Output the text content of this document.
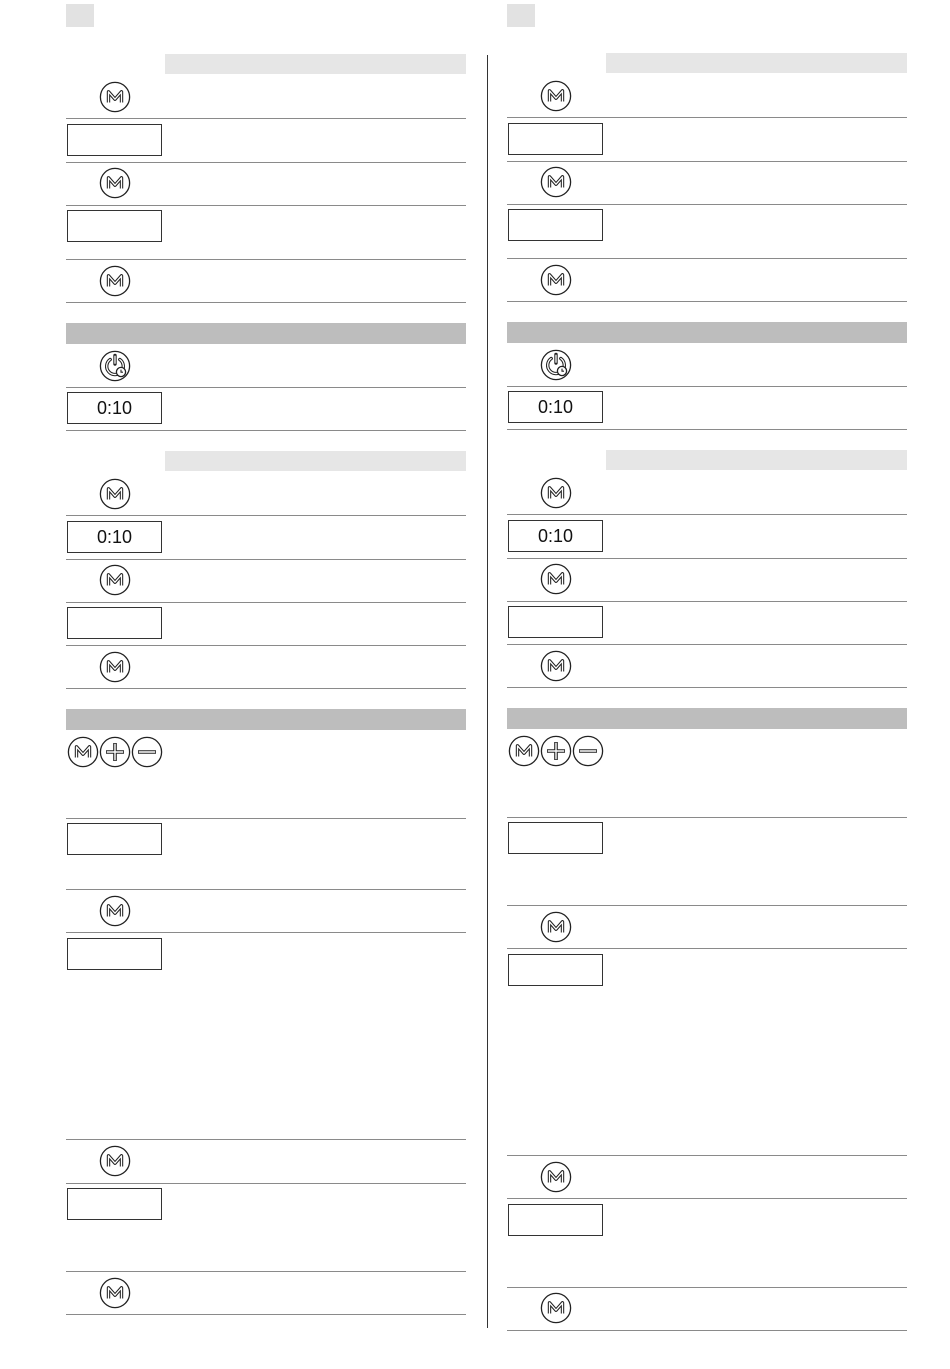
0:10
0:10
0:10
0:10
